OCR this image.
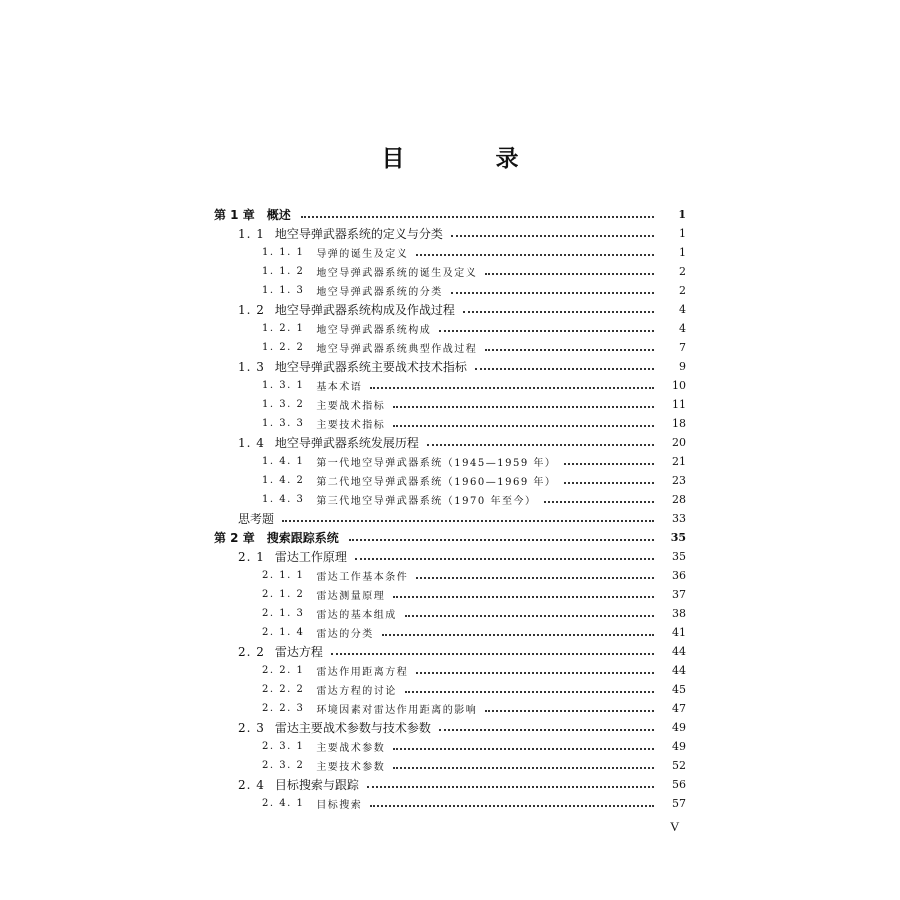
目　录
第 1 章 概述	1
1. 1 地空导弹武器系统的定义与分类	1
1. 1. 1 导弹的诞生及定义	1
1. 1. 2 地空导弹武器系统的诞生及定义	2
1. 1. 3 地空导弹武器系统的分类	2
1. 2 地空导弹武器系统构成及作战过程	4
1. 2. 1 地空导弹武器系统构成	4
1. 2. 2 地空导弹武器系统典型作战过程	7
1. 3 地空导弹武器系统主要战术技术指标	9
1. 3. 1 基本术语	10
1. 3. 2 主要战术指标	11
1. 3. 3 主要技术指标	18
1. 4 地空导弹武器系统发展历程	20
1. 4. 1 第一代地空导弹武器系统（1945—1959 年）	21
1. 4. 2 第二代地空导弹武器系统（1960—1969 年）	23
1. 4. 3 第三代地空导弹武器系统（1970 年至今）	28
思考题	33
第 2 章 搜索跟踪系统	35
2. 1 雷达工作原理	35
2. 1. 1 雷达工作基本条件	36
2. 1. 2 雷达测量原理	37
2. 1. 3 雷达的基本组成	38
2. 1. 4 雷达的分类	41
2. 2 雷达方程	44
2. 2. 1 雷达作用距离方程	44
2. 2. 2 雷达方程的讨论	45
2. 2. 3 环境因素对雷达作用距离的影响	47
2. 3 雷达主要战术参数与技术参数	49
2. 3. 1 主要战术参数	49
2. 3. 2 主要技术参数	52
2. 4 目标搜索与跟踪	56
2. 4. 1 目标搜索	57
V
